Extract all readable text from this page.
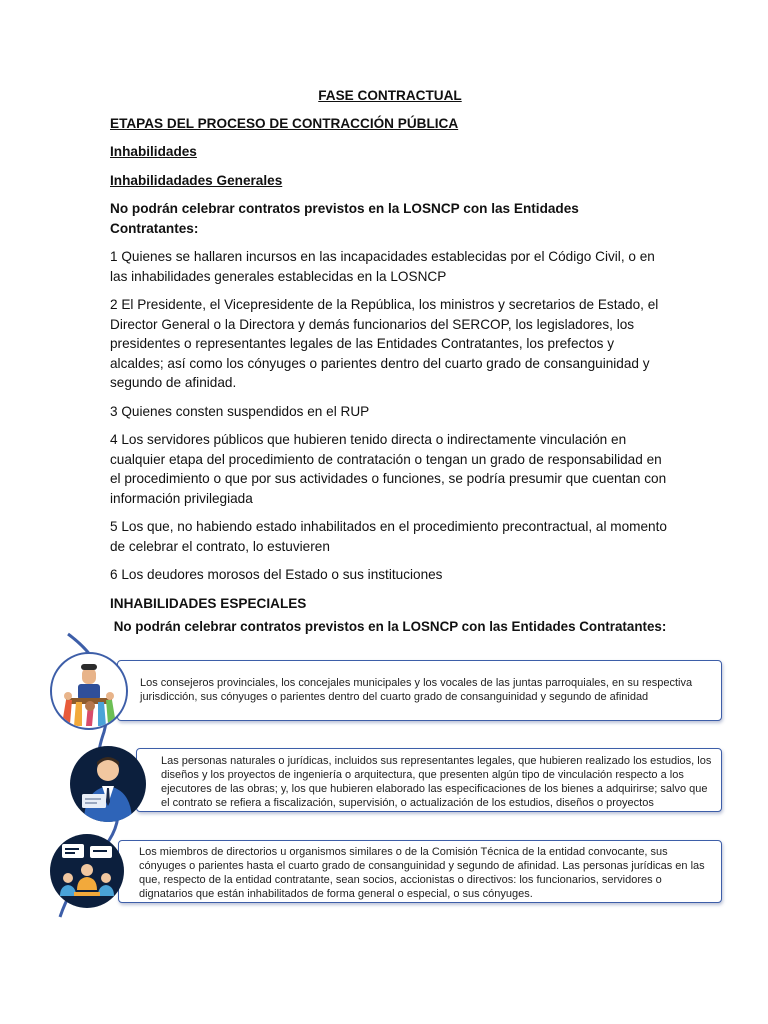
FASE CONTRACTUAL

ETAPAS DEL PROCESO DE CONTRACCIÓN PÚBLICA

Inhabilidades

Inhabilidadades Generales

No podrán celebrar contratos previstos en la LOSNCP con las Entidades Contratantes:

1 Quienes se hallaren incursos en las incapacidades establecidas por el Código Civil, o en las inhabilidades generales establecidas en la LOSNCP

2 El Presidente, el Vicepresidente de la República, los ministros y secretarios de Estado, el Director General o la Directora y demás funcionarios del SERCOP, los legisladores, los presidentes o representantes legales de las Entidades Contratantes, los prefectos y alcaldes; así como los cónyuges o parientes dentro del cuarto grado de consanguinidad y segundo de afinidad.

3 Quienes consten suspendidos en el RUP

4 Los servidores públicos que hubieren tenido directa o indirectamente vinculación en cualquier etapa del procedimiento de contratación o tengan un grado de responsabilidad en el procedimiento o que por sus actividades o funciones, se podría presumir que cuentan con información privilegiada

5 Los que, no habiendo estado inhabilitados en el procedimiento precontractual, al momento de celebrar el contrato, lo estuvieren

6 Los deudores morosos del Estado o sus instituciones

INHABILIDADES ESPECIALES

No podrán celebrar contratos previstos en la LOSNCP con las Entidades Contratantes:
Los consejeros provinciales, los concejales municipales y los vocales de las juntas parroquiales, en su respectiva jurisdicción, sus cónyuges o parientes dentro del cuarto grado de consanguinidad y segundo de afinidad
Las personas naturales o jurídicas, incluidos sus representantes legales, que hubieren realizado los estudios, los diseños y los proyectos de ingeniería o arquitectura, que presenten algún tipo de vinculación respecto a los ejecutores de las obras; y, los que hubieren elaborado las especificaciones de los bienes a adquirirse; salvo que el contrato se refiera a fiscalización, supervisión, o actualización de los estudios, diseños o proyectos
Los miembros de directorios u organismos similares o de la Comisión Técnica de la entidad convocante, sus cónyuges o parientes hasta el cuarto grado de consanguinidad y segundo de afinidad. Las personas jurídicas en las que, respecto de la entidad contratante, sean socios, accionistas o directivos: los funcionarios, servidores o dignatarios que están inhabilitados de forma general o especial, o sus cónyuges.
